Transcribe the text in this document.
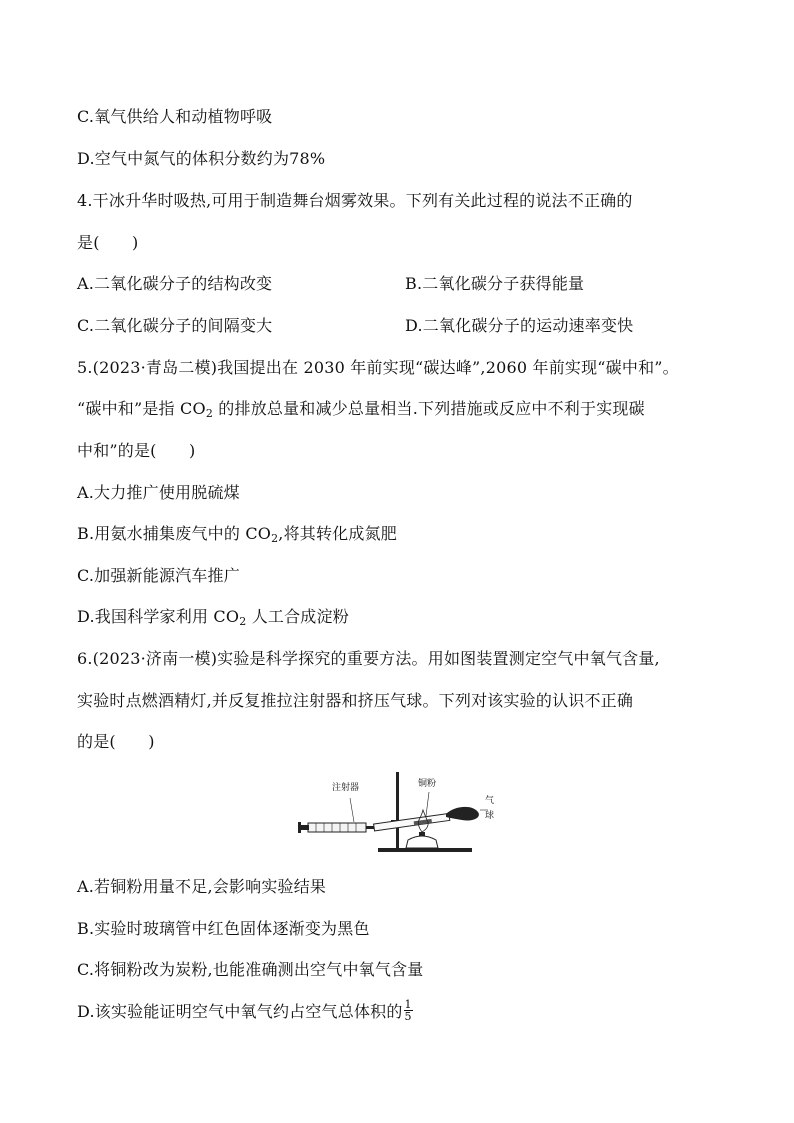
C.氧气供给人和动植物呼吸
D.空气中氮气的体积分数约为78%
4.干冰升华时吸热,可用于制造舞台烟雾效果。下列有关此过程的说法不正确的
是(　　)
A.二氧化碳分子的结构改变	B.二氧化碳分子获得能量
C.二氧化碳分子的间隔变大	D.二氧化碳分子的运动速率变快
5.(2023·青岛二模)我国提出在 2030 年前实现“碳达峰”,2060 年前实现“碳中和”。
“碳中和”是指 $CO_2$ 的排放总量和减少总量相当.下列措施或反应中不利于实现碳
中和”的是(　　)
A.大力推广使用脱硫煤
B.用氨水捕集废气中的 $CO_2$,将其转化成氮肥
C.加强新能源汽车推广
D.我国科学家利用 $CO_2$ 人工合成淀粉
6.(2023·济南一模)实验是科学探究的重要方法。用如图装置测定空气中氧气含量,
实验时点燃酒精灯,并反复推拉注射器和挤压气球。下列对该实验的认识不正确
的是(　　)
注射器	铜粉
气
球
A.若铜粉用量不足,会影响实验结果
B.实验时玻璃管中红色固体逐渐变为黑色
C.将铜粉改为炭粉,也能准确测出空气中氧气含量
D.该实验能证明空气中氧气约占空气总体积的 $\frac{1}{5}$
